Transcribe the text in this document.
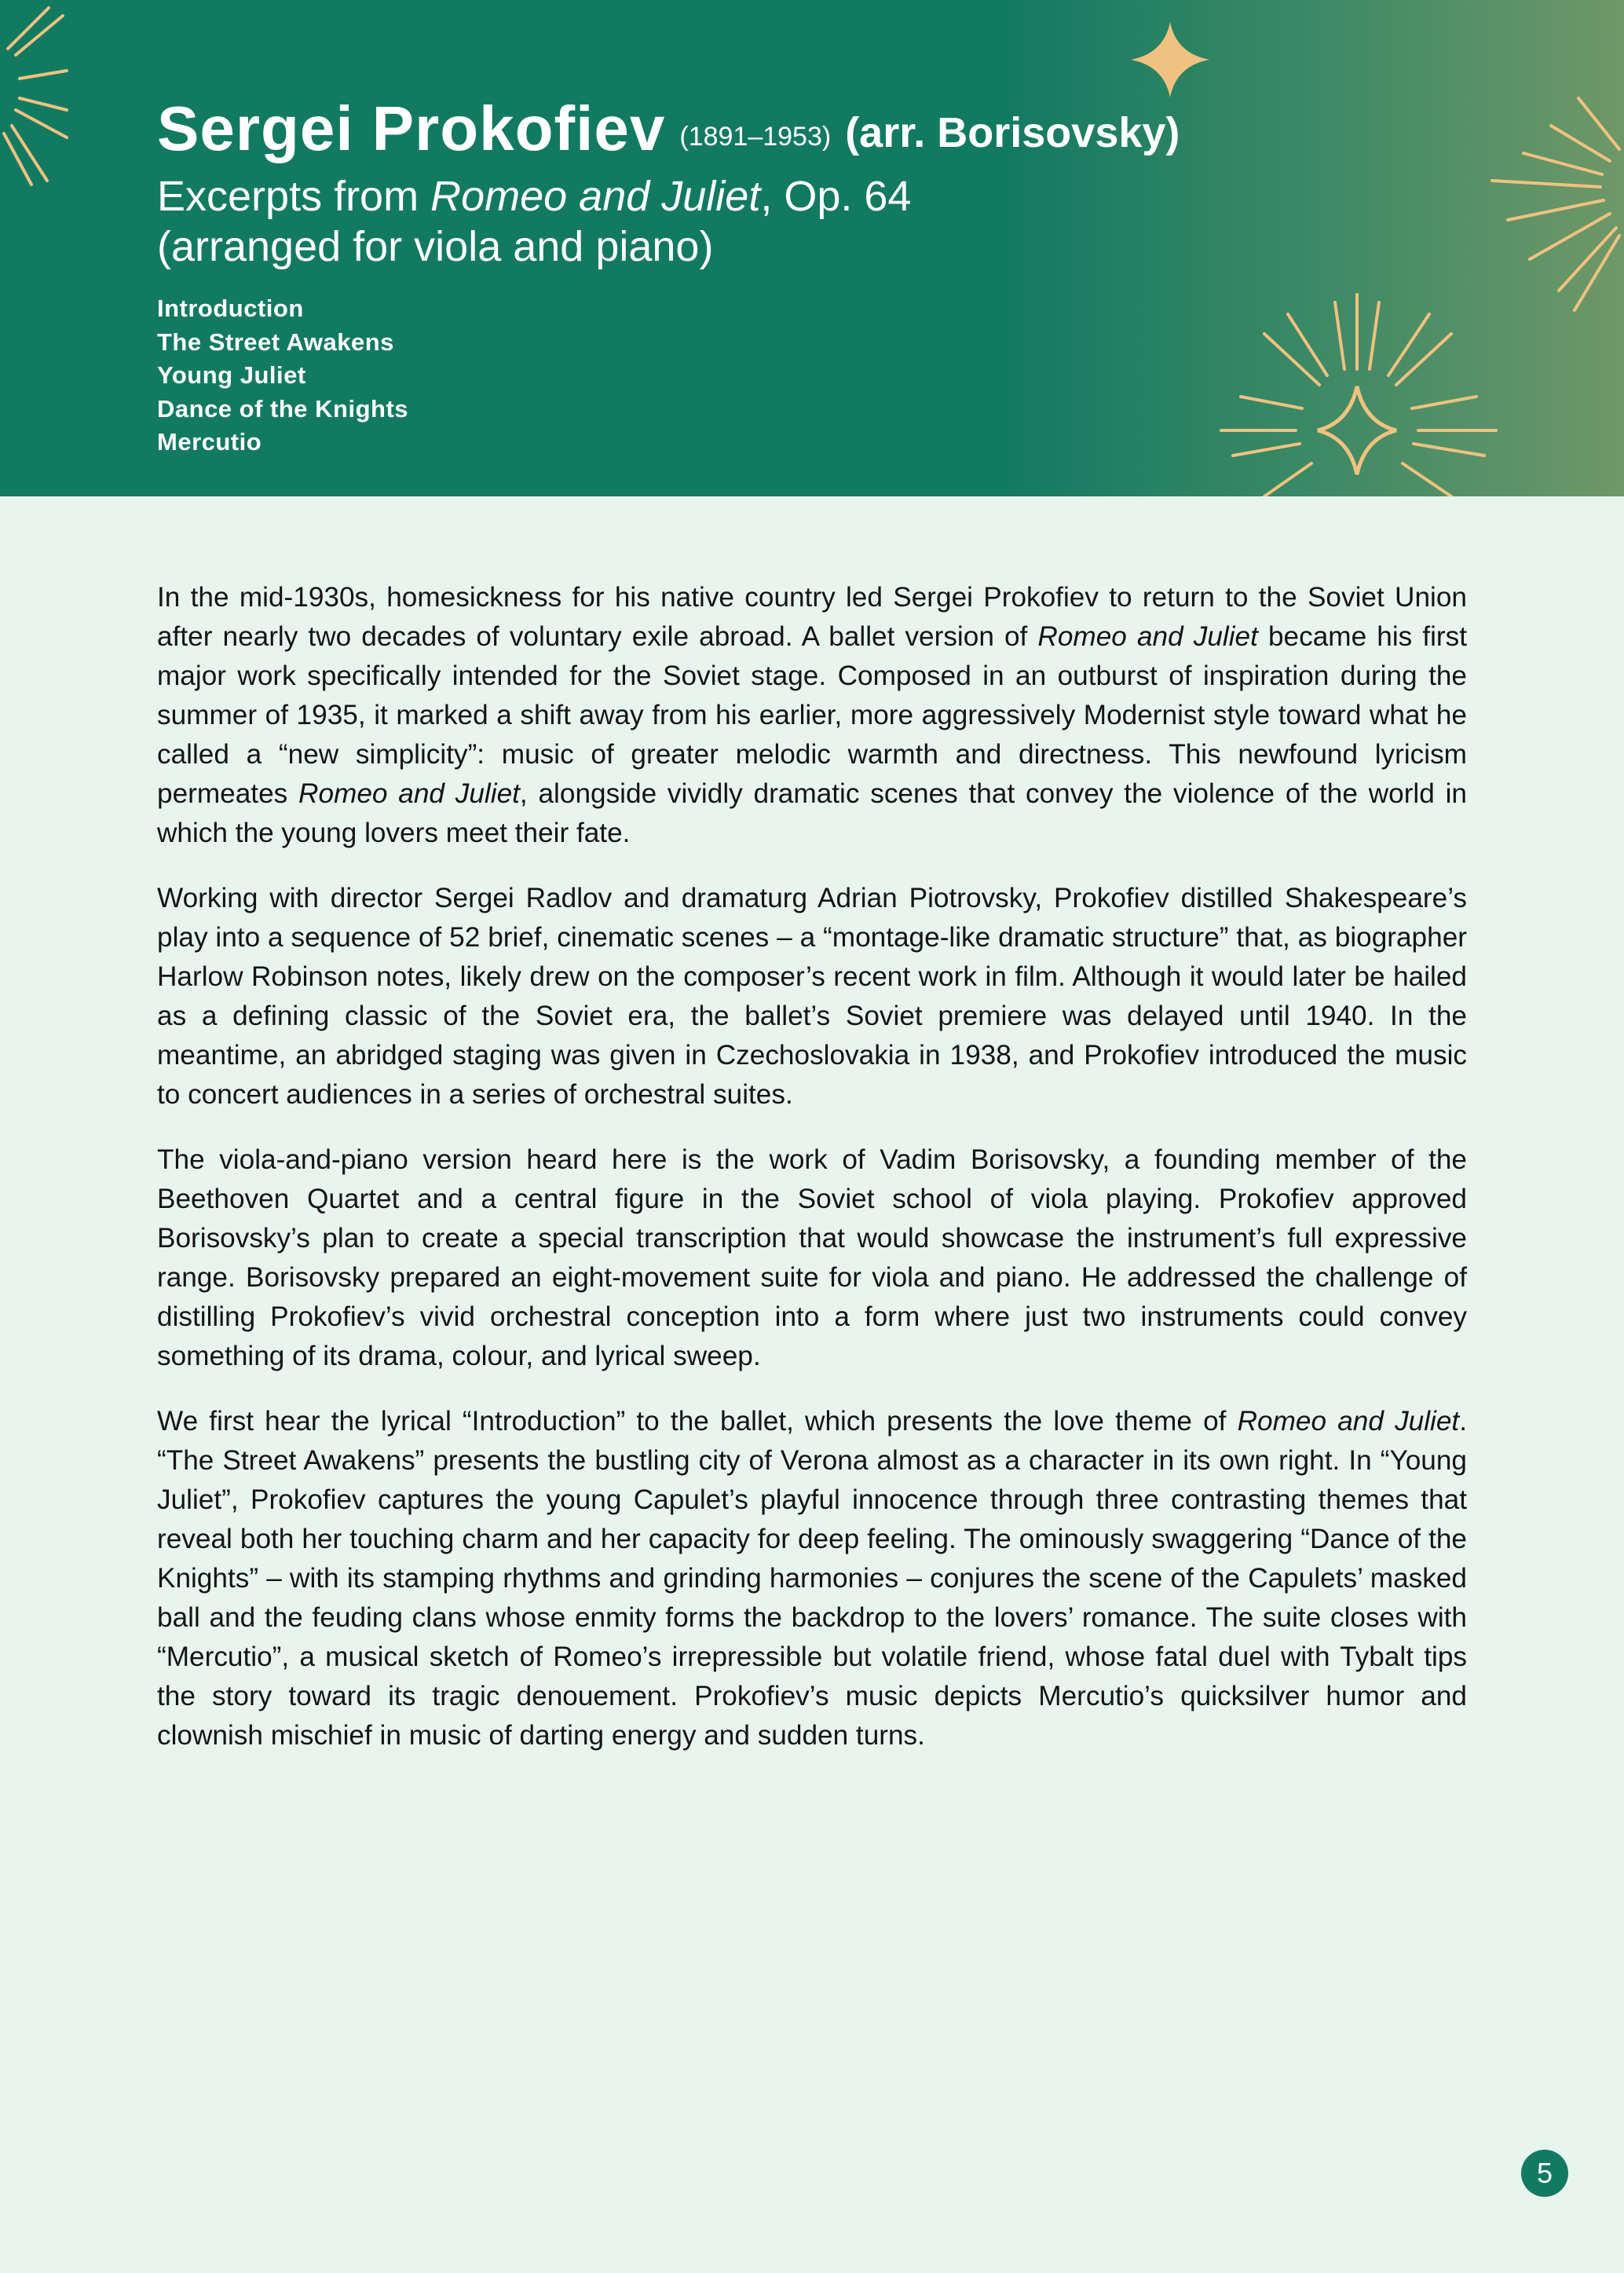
Sergei Prokofiev (1891–1953) (arr. Borisovsky)
Excerpts from Romeo and Juliet, Op. 64
(arranged for viola and piano)
Introduction
The Street Awakens
Young Juliet
Dance of the Knights
Mercutio

In the mid-1930s, homesickness for his native country led Sergei Prokofiev to return to the Soviet Union after nearly two decades of voluntary exile abroad. A ballet version of Romeo and Juliet became his first major work specifically intended for the Soviet stage. Composed in an outburst of inspiration during the summer of 1935, it marked a shift away from his earlier, more aggressively Modernist style toward what he called a “new simplicity”: music of greater melodic warmth and directness. This newfound lyricism permeates Romeo and Juliet, alongside vividly dramatic scenes that convey the violence of the world in which the young lovers meet their fate.

Working with director Sergei Radlov and dramaturg Adrian Piotrovsky, Prokofiev distilled Shakespeare’s play into a sequence of 52 brief, cinematic scenes – a “montage-like dramatic structure” that, as biographer Harlow Robinson notes, likely drew on the composer’s recent work in film. Although it would later be hailed as a defining classic of the Soviet era, the ballet’s Soviet premiere was delayed until 1940. In the meantime, an abridged staging was given in Czechoslovakia in 1938, and Prokofiev introduced the music to concert audiences in a series of orchestral suites.

The viola-and-piano version heard here is the work of Vadim Borisovsky, a founding member of the Beethoven Quartet and a central figure in the Soviet school of viola playing. Prokofiev approved Borisovsky’s plan to create a special transcription that would showcase the instrument’s full expressive range. Borisovsky prepared an eight-movement suite for viola and piano. He addressed the challenge of distilling Prokofiev’s vivid orchestral conception into a form where just two instruments could convey something of its drama, colour, and lyrical sweep.

We first hear the lyrical “Introduction” to the ballet, which presents the love theme of Romeo and Juliet. “The Street Awakens” presents the bustling city of Verona almost as a character in its own right. In “Young Juliet”, Prokofiev captures the young Capulet’s playful innocence through three contrasting themes that reveal both her touching charm and her capacity for deep feeling. The ominously swaggering “Dance of the Knights” – with its stamping rhythms and grinding harmonies – conjures the scene of the Capulets’ masked ball and the feuding clans whose enmity forms the backdrop to the lovers’ romance. The suite closes with “Mercutio”, a musical sketch of Romeo’s irrepressible but volatile friend, whose fatal duel with Tybalt tips the story toward its tragic denouement. Prokofiev’s music depicts Mercutio’s quicksilver humor and clownish mischief in music of darting energy and sudden turns.

5
